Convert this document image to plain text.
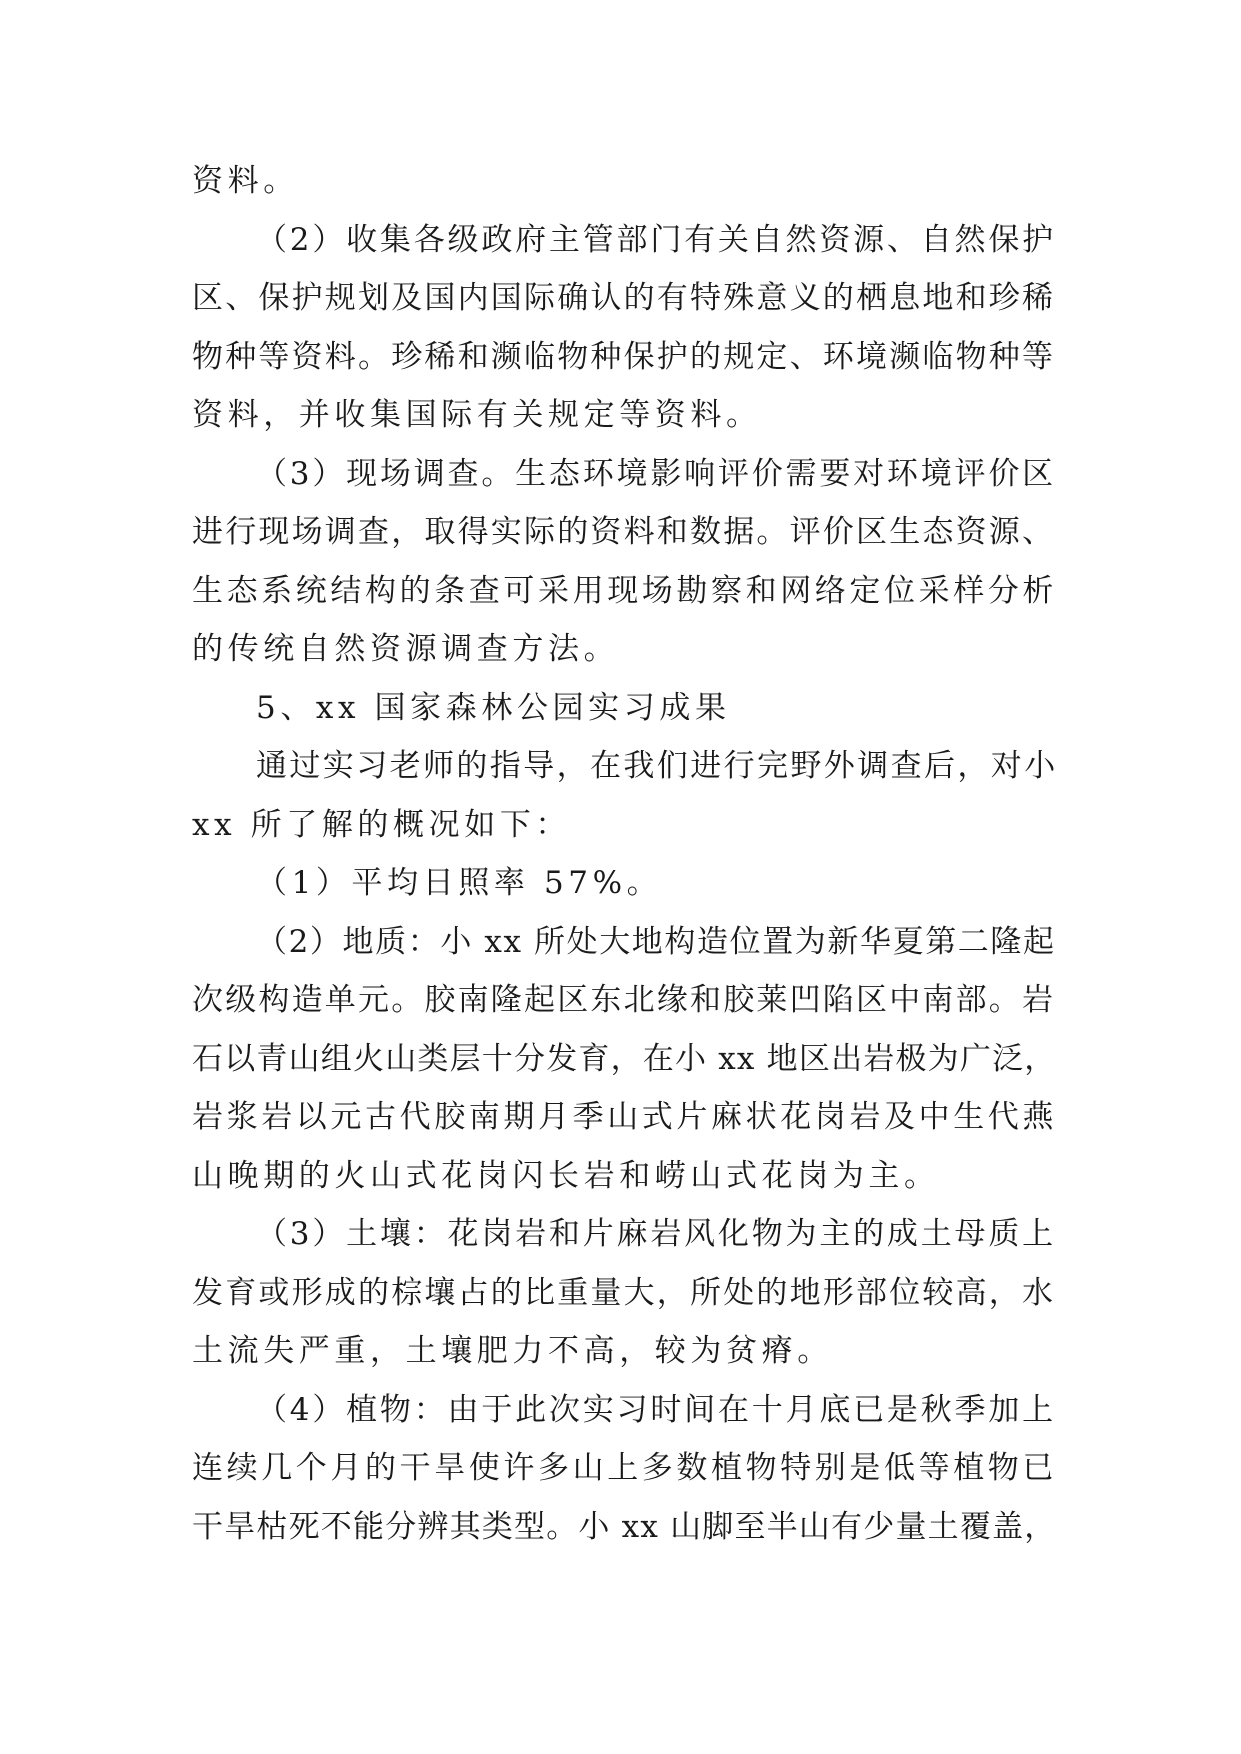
资料。
（2）收集各级政府主管部门有关自然资源、自然保护
区、保护规划及国内国际确认的有特殊意义的栖息地和珍稀
物种等资料。珍稀和濒临物种保护的规定、环境濒临物种等
资料，并收集国际有关规定等资料。
（3）现场调查。生态环境影响评价需要对环境评价区
进行现场调查，取得实际的资料和数据。评价区生态资源、
生态系统结构的条查可采用现场勘察和网络定位采样分析
的传统自然资源调查方法。
5、xx 国家森林公园实习成果
通过实习老师的指导，在我们进行完野外调查后，对小
xx 所了解的概况如下：
（1）平均日照率 57%。
（2）地质：小 xx 所处大地构造位置为新华夏第二隆起
次级构造单元。胶南隆起区东北缘和胶莱凹陷区中南部。岩
石以青山组火山类层十分发育，在小 xx 地区出岩极为广泛，
岩浆岩以元古代胶南期月季山式片麻状花岗岩及中生代燕
山晚期的火山式花岗闪长岩和崂山式花岗为主。
（3）土壤：花岗岩和片麻岩风化物为主的成土母质上
发育或形成的棕壤占的比重量大，所处的地形部位较高，水
土流失严重，土壤肥力不高，较为贫瘠。
（4）植物：由于此次实习时间在十月底已是秋季加上
连续几个月的干旱使许多山上多数植物特别是低等植物已
干旱枯死不能分辨其类型。小 xx 山脚至半山有少量土覆盖，
